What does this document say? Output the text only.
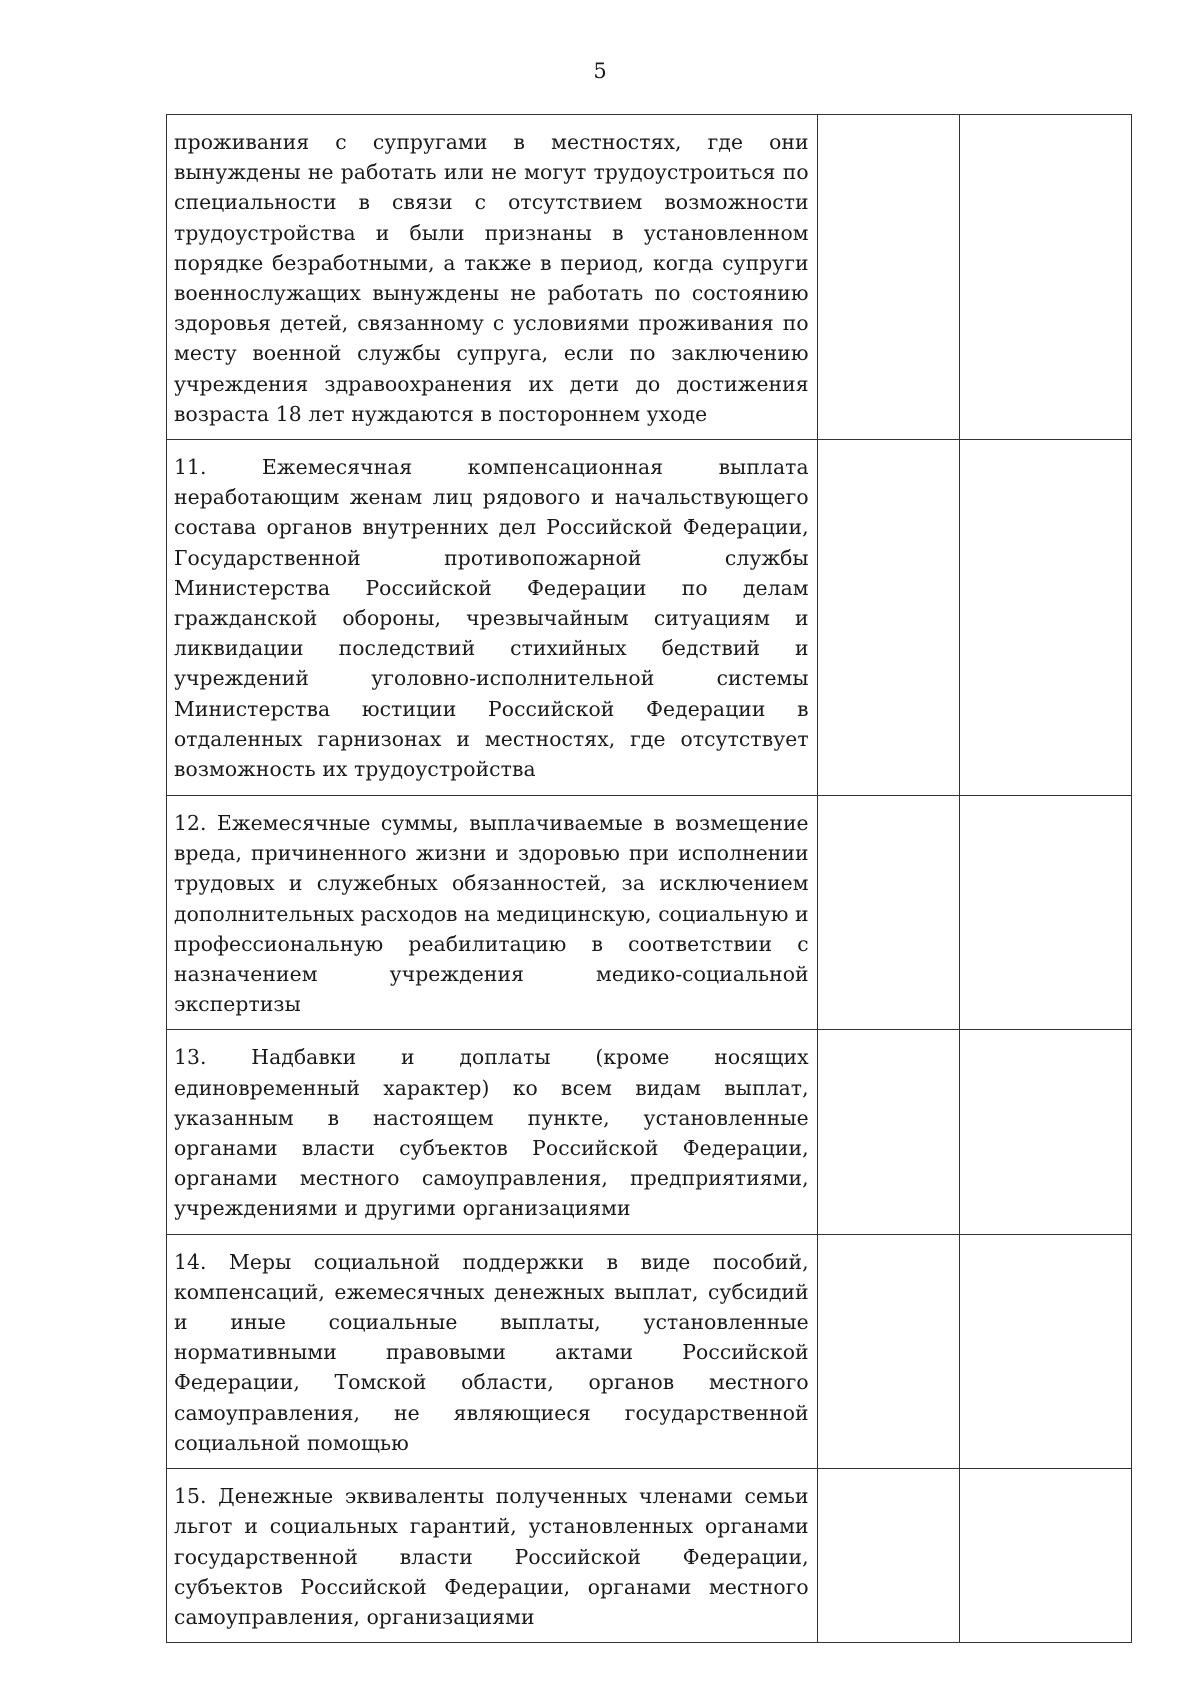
5
проживания с супругами в местностях, где они вынуждены не работать или не могут трудоустроиться по специальности в связи с отсутствием возможности трудоустройства и были признаны в установленном порядке безработными, а также в период, когда супруги военнослужащих вынуждены не работать по состоянию здоровья детей, связанному с условиями проживания по месту военной службы супруга, если по заключению учреждения здравоохранения их дети до достижения возраста 18 лет нуждаются в постороннем уходе		

11. Ежемесячная компенсационная выплата неработающим женам лиц рядового и начальствующего состава органов внутренних дел Российской Федерации, Государственной противопожарной службы Министерства Российской Федерации по делам гражданской обороны, чрезвычайным ситуациям и ликвидации последствий стихийных бедствий и учреждений уголовно-исполнительной системы Министерства юстиции Российской Федерации в отдаленных гарнизонах и местностях, где отсутствует возможность их трудоустройства		

12. Ежемесячные суммы, выплачиваемые в возмещение вреда, причиненного жизни и здоровью при исполнении трудовых и служебных обязанностей, за исключением дополнительных расходов на медицинскую, социальную и профессиональную реабилитацию в соответствии с назначением учреждения медико-социальной экспертизы		

13. Надбавки и доплаты (кроме носящих единовременный характер) ко всем видам выплат, указанным в настоящем пункте, установленные органами власти субъектов Российской Федерации, органами местного самоуправления, предприятиями, учреждениями и другими организациями		

14. Меры социальной поддержки в виде пособий, компенсаций, ежемесячных денежных выплат, субсидий и иные социальные выплаты, установленные нормативными правовыми актами Российской Федерации, Томской области, органов местного самоуправления, не являющиеся государственной социальной помощью		

15. Денежные эквиваленты полученных членами семьи льгот и социальных гарантий, установленных органами государственной власти Российской Федерации, субъектов Российской Федерации, органами местного самоуправления, организациями		
